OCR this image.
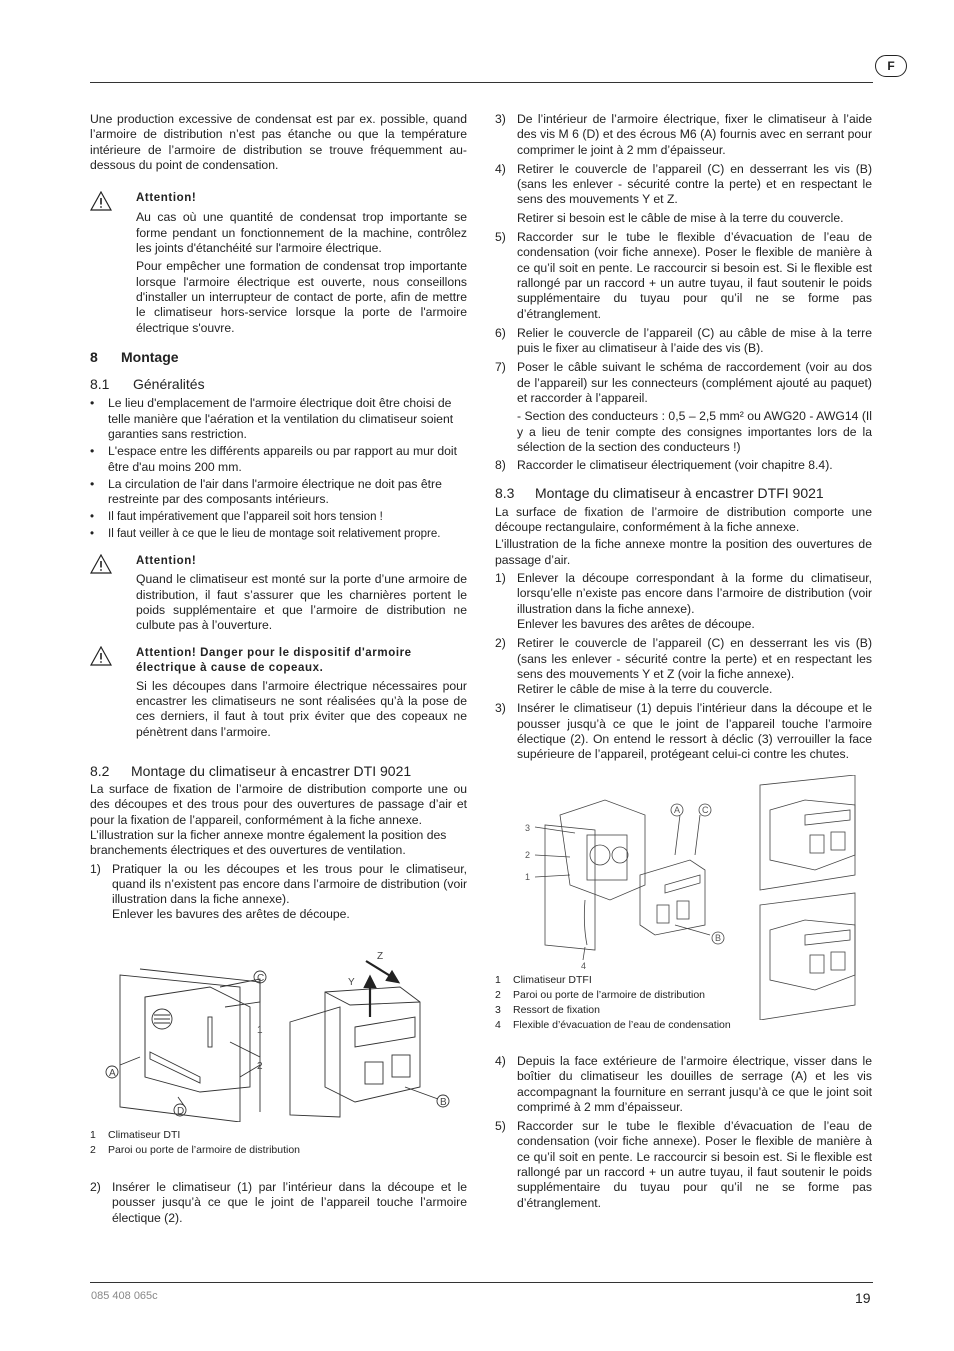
F

Une production excessive de condensat est par ex. possible, quand l’armoire de distribution n’est pas étanche ou que la température intérieure de l’armoire de distribution se trouve fréquemment au-dessous du point de condensation.

Attention!

Au cas où une quantité de condensat trop importante se forme pendant un fonctionnement de la machine, contrôlez les joints d'étanchéité sur l'armoire électrique.

Pour empêcher une formation de condensat trop importante lorsque l'armoire électrique est ouverte, nous conseillons d'installer un interrupteur de contact de porte, afin de mettre le climatiseur hors-service lorsque la porte de l'armoire électrique s'ouvre.

8 Montage
8.1 Généralités
• Le lieu d'emplacement de l'armoire électrique doit être choisi de telle manière que l'aération et la ventilation du climatiseur soient garanties sans restriction.
• L'espace entre les différents appareils ou par rapport au mur doit être d'au moins 200 mm.
• La circulation de l'air dans l'armoire électrique ne doit pas être restreinte par des composants intérieurs.
• Il faut impérativement que l’appareil soit hors tension !
• Il faut veiller à ce que le lieu de montage soit relativement propre.
Attention!

Quand le climatiseur est monté sur la porte d’une armoire de distribution, il faut s’assurer que les charnières portent le poids supplémentaire et que l’armoire de distribution ne culbute pas à l’ouverture.

Attention! Danger pour le dispositif d'armoire électrique à cause de copeaux.

Si les découpes dans l’armoire électrique nécessaires pour encastrer les climatiseurs ne sont réalisées qu’à la pose de ces derniers, il faut à tout prix éviter que des copeaux ne pénètrent dans l’armoire.

8.2 Montage du climatiseur à encastrer DTI 9021

La surface de fixation de l’armoire de distribution comporte une ou des découpes et des trous pour des ouvertures de passage d’air et pour la fixation de l’appareil, conformément à la fiche annexe.

L’illustration sur la ficher annexe montre également la position des branchements électriques et des ouvertures de ventilation.

1) Pratiquer la ou les découpes et les trous pour le climatiseur, quand ils n’existent pas encore dans l’armoire de distribution (voir illustration dans la fiche annexe).

Enlever les bavures des arêtes de découpe.

C
1
2
A
D
Z
Y
B
1 Climatiseur DTI
2 Paroi ou porte de l’armoire de distribution
2) Insérer le climatiseur (1) par l’intérieur dans la découpe et le pousser jusqu’à ce que le joint de l’appareil touche l’armoire électique (2).

3) De l’intérieur de l’armoire électrique, fixer le climatiseur à l’aide des vis M 6 (D) et des écrous M6 (A) fournis avec en serrant pour comprimer le joint à 2 mm d’épaisseur.

4) Retirer le couvercle de l’appareil (C) en desserrant les vis (B) (sans les enlever - sécurité contre la perte) et en respectant le sens des mouvements Y et Z.

Retirer si besoin est le câble de mise à la terre du couvercle.

5) Raccorder sur le tube le flexible d’évacuation de l’eau de condensation (voir fiche annexe). Poser le flexible de manière à ce qu’il soit en pente. Le raccourcir si besoin est. Si le flexible est rallongé par un raccord + un autre tuyau, il faut soutenir le poids supplémentaire du tuyau pour qu’il ne se forme pas d’étranglement.

6) Relier le couvercle de l’appareil (C) au câble de mise à la terre puis le fixer au climatiseur à l’aide des vis (B).

7) Poser le câble suivant le schéma de raccordement (voir au dos de l’appareil) sur les connecteurs (complément ajouté au paquet) et raccorder à l’appareil.

- Section des conducteurs : 0,5 – 2,5 mm² ou AWG20 - AWG14 (Il y a lieu de tenir compte des consignes importantes lors de la sélection de la section des conducteurs !)

8) Raccorder le climatiseur électriquement (voir chapitre 8.4).

8.3 Montage du climatiseur à encastrer DTFI 9021

La surface de fixation de l’armoire de distribution comporte une découpe rectangulaire, conformément à la fiche annexe.

L’illustration de la fiche annexe montre la position des ouvertures de passage d’air.

1) Enlever la découpe correspondant à la forme du climatiseur, lorsqu’elle n’existe pas encore dans l’armoire de distribution (voir illustration dans la fiche annexe).

Enlever les bavures des arêtes de découpe.

2) Retirer le couvercle de l’appareil (C) en desserrant les vis (B) (sans les enlever - sécurité contre la perte) et en respectant les sens des mouvements Y et Z (voir la fiche annexe).

Retirer le câble de mise à la terre du couvercle.

3) Insérer le climatiseur (1) depuis l’intérieur dans la découpe et le pousser jusqu’à ce que le joint de l’appareil touche l’armoire électique (2). On entend le ressort à déclic (3) verrouiller la face supérieure de l’appareil, protégeant celui-ci contre les chutes.

A C
3
2
1
4
B
1 Climatiseur DTFI
2 Paroi ou porte de l’armoire de distribution
3 Ressort de fixation
4 Flexible d’évacuation de l’eau de condensation
4) Depuis la face extérieure de l’armoire électrique, visser dans le boîtier du climatiseur les douilles de serrage (A) et les vis accompagnant la fourniture en serrant jusqu’à ce que le joint soit comprimé à 2 mm d’épaisseur.

5) Raccorder sur le tube le flexible d’évacuation de l’eau de condensation (voir fiche annexe). Poser le flexible de manière à ce qu’il soit en pente. Le raccourcir si besoin est. Si le flexible est rallongé par un raccord + un autre tuyau, il faut soutenir le poids supplémentaire du tuyau pour qu’il ne se forme pas d’étranglement.

085 408 065c	19
